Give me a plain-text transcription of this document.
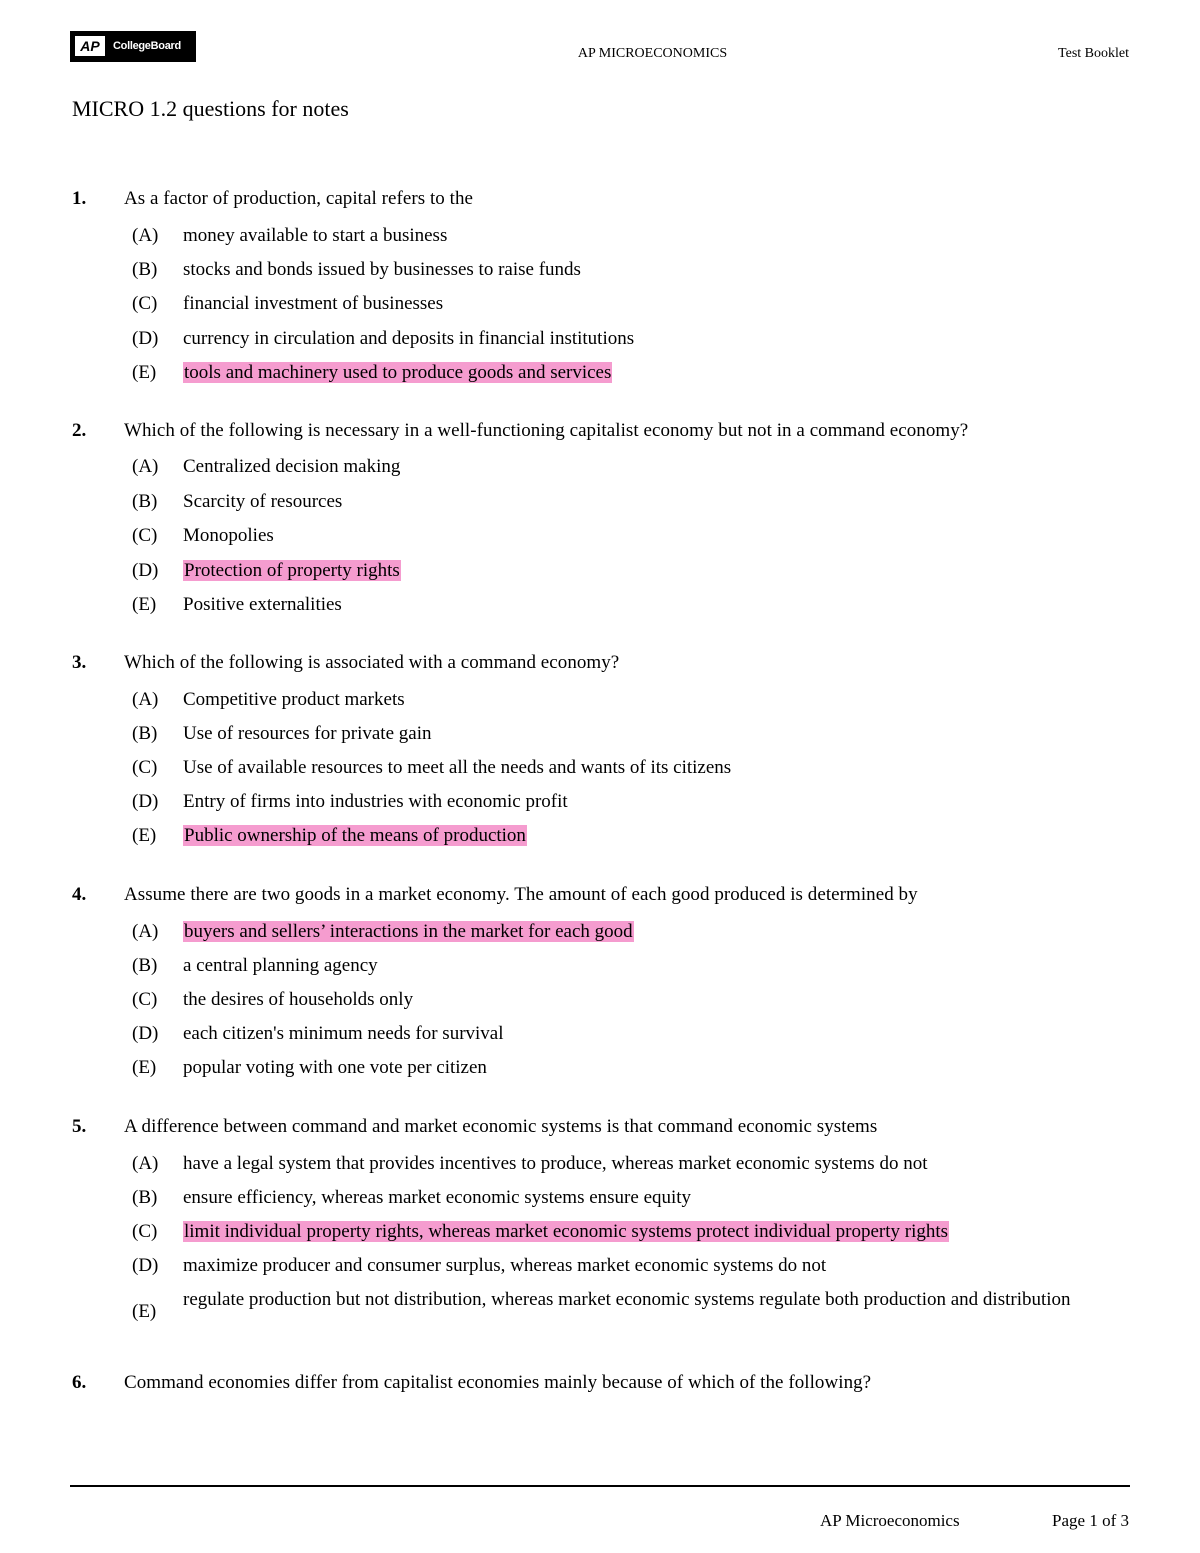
AP	CollegeBoard	AP MICROECONOMICS	Test Booklet
MICRO 1.2 questions for notes
1. As a factor of production, capital refers to the
(A) money available to start a business
(B) stocks and bonds issued by businesses to raise funds
(C) financial investment of businesses
(D) currency in circulation and deposits in financial institutions
(E) tools and machinery used to produce goods and services
2. Which of the following is necessary in a well-functioning capitalist economy but not in a command economy?
(A) Centralized decision making
(B) Scarcity of resources
(C) Monopolies
(D) Protection of property rights
(E) Positive externalities
3. Which of the following is associated with a command economy?
(A) Competitive product markets
(B) Use of resources for private gain
(C) Use of available resources to meet all the needs and wants of its citizens
(D) Entry of firms into industries with economic profit
(E) Public ownership of the means of production
4. Assume there are two goods in a market economy. The amount of each good produced is determined by
(A) buyers and sellers’ interactions in the market for each good
(B) a central planning agency
(C) the desires of households only
(D) each citizen's minimum needs for survival
(E) popular voting with one vote per citizen
5. A difference between command and market economic systems is that command economic systems
(A) have a legal system that provides incentives to produce, whereas market economic systems do not
(B) ensure efficiency, whereas market economic systems ensure equity
(C) limit individual property rights, whereas market economic systems protect individual property rights
(D) maximize producer and consumer surplus, whereas market economic systems do not
(E)
regulate production but not distribution, whereas market economic systems regulate both production and distribution
6. Command economies differ from capitalist economies mainly because of which of the following?
AP Microeconomics	Page 1 of 3
